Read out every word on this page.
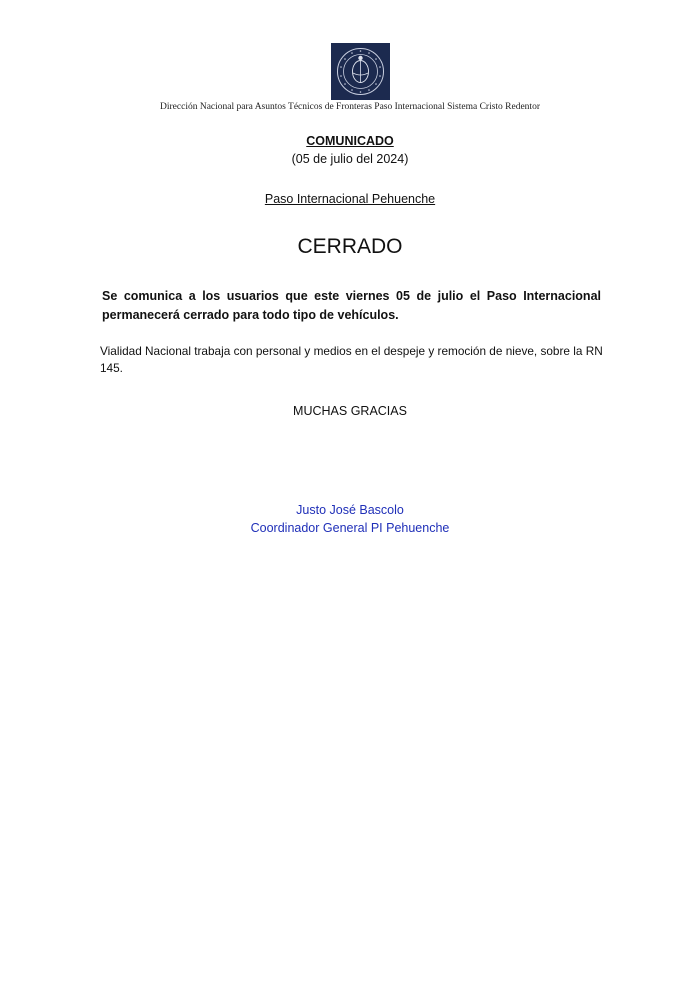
Dirección Nacional para Asuntos Técnicos de Fronteras Paso Internacional Sistema Cristo Redentor
COMUNICADO
(05 de julio del 2024)
Paso Internacional Pehuenche
CERRADO
Se comunica a los usuarios que este viernes 05 de julio el Paso Internacional
permanecerá cerrado para todo tipo de vehículos.
Vialidad Nacional trabaja con personal y medios en el despeje y remoción de nieve, sobre la RN 145.
MUCHAS GRACIAS
Justo José Bascolo
Coordinador General PI Pehuenche
